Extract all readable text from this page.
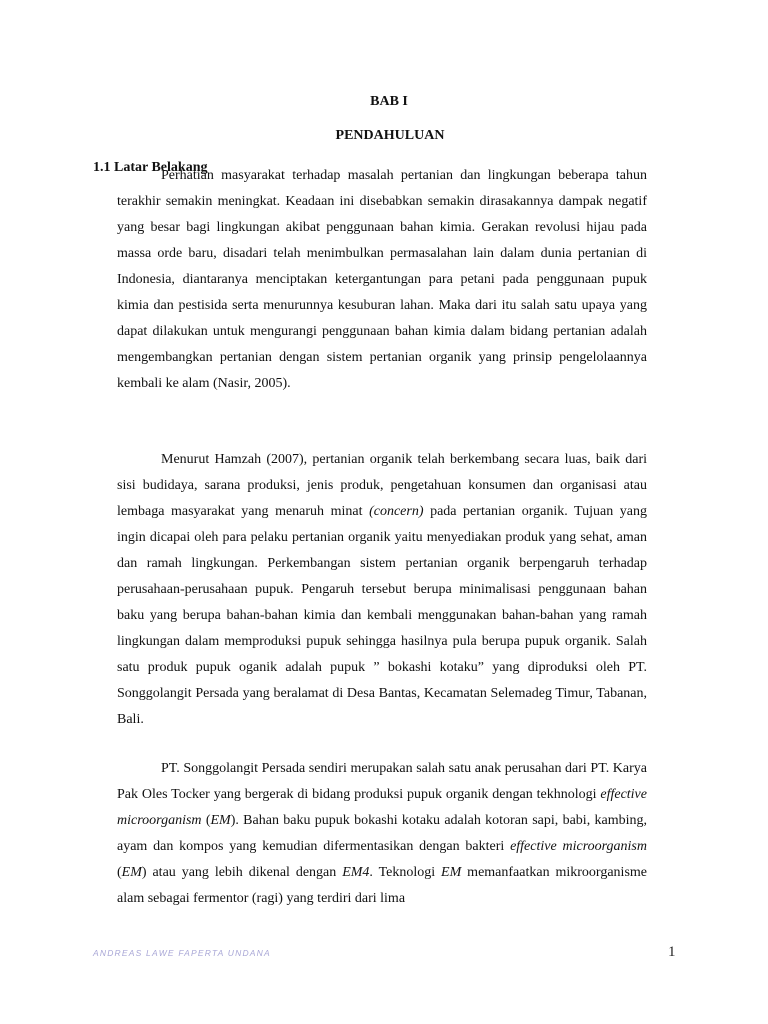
BAB I
PENDAHULUAN
1.1 Latar Belakang

Perhatian masyarakat terhadap masalah pertanian dan lingkungan beberapa tahun terakhir semakin meningkat. Keadaan ini disebabkan semakin dirasakannya dampak negatif yang besar bagi lingkungan akibat penggunaan bahan kimia. Gerakan revolusi hijau pada massa orde baru, disadari telah menimbulkan permasalahan lain dalam dunia pertanian di Indonesia, diantaranya menciptakan ketergantungan para petani pada penggunaan pupuk kimia dan pestisida serta menurunnya kesuburan lahan. Maka dari itu salah satu upaya yang dapat dilakukan untuk mengurangi penggunaan bahan kimia dalam bidang pertanian adalah mengembangkan pertanian dengan sistem pertanian organik yang prinsip pengelolaannya kembali ke alam (Nasir, 2005).

Menurut Hamzah (2007), pertanian organik telah berkembang secara luas, baik dari sisi budidaya, sarana produksi, jenis produk, pengetahuan konsumen dan organisasi atau lembaga masyarakat yang menaruh minat (concern) pada pertanian organik. Tujuan yang ingin dicapai oleh para pelaku pertanian organik yaitu menyediakan produk yang sehat, aman dan ramah lingkungan. Perkembangan sistem pertanian organik berpengaruh terhadap perusahaan-perusahaan pupuk. Pengaruh tersebut berupa minimalisasi penggunaan bahan baku yang berupa bahan-bahan kimia dan kembali menggunakan bahan-bahan yang ramah lingkungan dalam memproduksi pupuk sehingga hasilnya pula berupa pupuk organik. Salah satu produk pupuk oganik adalah pupuk ” bokashi kotaku” yang diproduksi oleh PT. Songgolangit Persada yang beralamat di Desa Bantas, Kecamatan Selemadeg Timur, Tabanan, Bali.

PT. Songgolangit Persada sendiri merupakan salah satu anak perusahan dari PT. Karya Pak Oles Tocker yang bergerak di bidang produksi pupuk organik dengan tekhnologi effective microorganism (EM). Bahan baku pupuk bokashi kotaku adalah kotoran sapi, babi, kambing, ayam dan kompos yang kemudian difermentasikan dengan bakteri effective microorganism (EM) atau yang lebih dikenal dengan EM4. Teknologi EM memanfaatkan mikroorganisme alam sebagai fermentor (ragi) yang terdiri dari lima

ANDREAS LAWE FAPERTA UNDANA	1
